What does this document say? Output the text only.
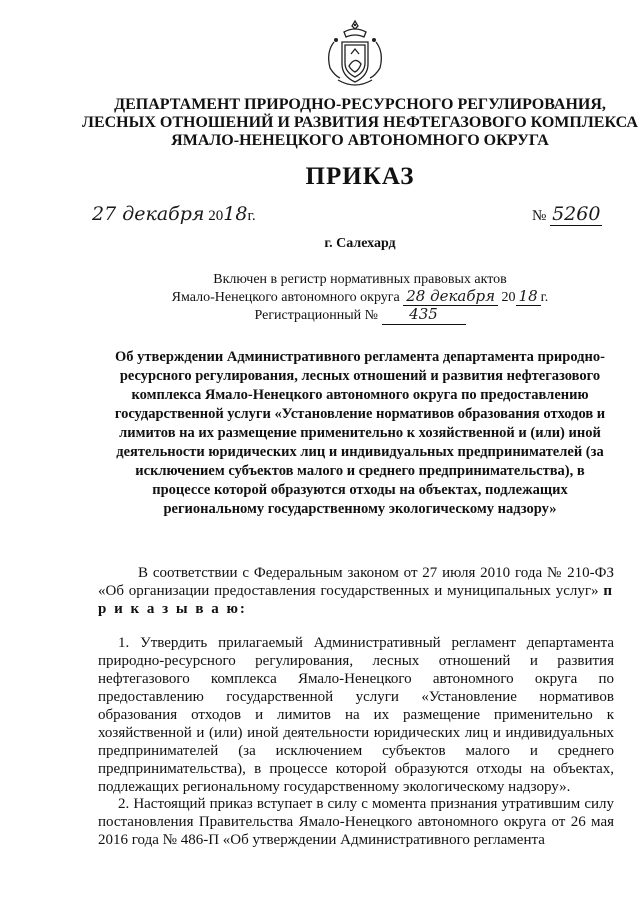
ДЕПАРТАМЕНТ ПРИРОДНО-РЕСУРСНОГО РЕГУЛИРОВАНИЯ,
ЛЕСНЫХ ОТНОШЕНИЙ И РАЗВИТИЯ НЕФТЕГАЗОВОГО КОМПЛЕКСА
ЯМАЛО-НЕНЕЦКОГО АВТОНОМНОГО ОКРУГА
ПРИКАЗ
27 декабря 2018г.	№ 5260
г. Салехард
Включен в регистр нормативных правовых актов
Ямало-Ненецкого автономного округа 28 декабря 20 18 г.
Регистрационный № 435
Об утверждении Административного регламента департамента природно-ресурсного регулирования, лесных отношений и развития нефтегазового комплекса Ямало-Ненецкого автономного округа по предоставлению государственной услуги «Установление нормативов образования отходов и лимитов на их размещение применительно к хозяйственной и (или) иной деятельности юридических лиц и индивидуальных предпринимателей (за исключением субъектов малого и среднего предпринимательства), в процессе которой образуются отходы на объектах, подлежащих региональному государственному экологическому надзору»
В соответствии с Федеральным законом от 27 июля 2010 года № 210-ФЗ «Об организации предоставления государственных и муниципальных услуг» п р и к а з ы в а ю:
1. Утвердить прилагаемый Административный регламент департамента природно-ресурсного регулирования, лесных отношений и развития нефтегазового комплекса Ямало-Ненецкого автономного округа по предоставлению государственной услуги «Установление нормативов образования отходов и лимитов на их размещение применительно к хозяйственной и (или) иной деятельности юридических лиц и индивидуальных предпринимателей (за исключением субъектов малого и среднего предпринимательства), в процессе которой образуются отходы на объектах, подлежащих региональному государственному экологическому надзору».
2. Настоящий приказ вступает в силу с момента признания утратившим силу постановления Правительства Ямало-Ненецкого автономного округа от 26 мая 2016 года № 486-П «Об утверждении Административного регламента
